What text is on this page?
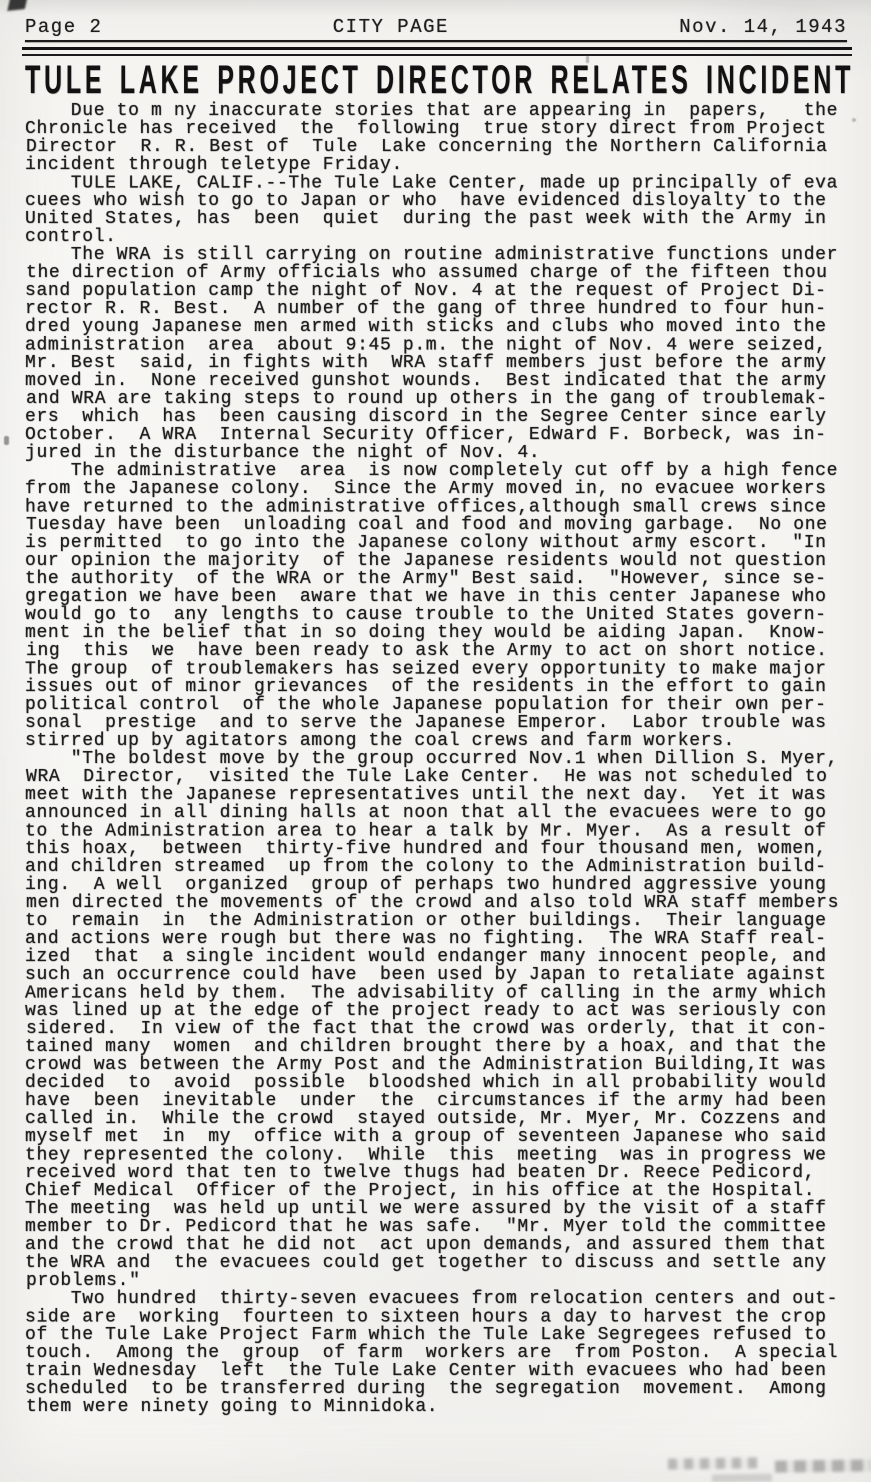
Page 2	CITY PAGE	Nov. 14, 1943
TULE LAKE PROJECT DIRECTOR RELATES INCIDENT
Due to m ny inaccurate stories that are appearing in  papers,   the
Chronicle has received  the  following  true story direct from Project
Director  R. R. Best of  Tule  Lake concerning the Northern California
incident through teletype Friday.
TULE LAKE, CALIF.--The Tule Lake Center, made up principally of eva
cuees who wish to go to Japan or who  have evidenced disloyalty to the
United States, has  been  quiet  during the past week with the Army in
control.
The WRA is still carrying on routine administrative functions under
the direction of Army officials who assumed charge of the fifteen thou
sand population camp the night of Nov. 4 at the request of Project Di-
rector R. R. Best.  A number of the gang of three hundred to four hun-
dred young Japanese men armed with sticks and clubs who moved into the
administration  area  about 9:45 p.m. the night of Nov. 4 were seized,
Mr. Best  said, in fights with  WRA staff members just before the army
moved in.  None received gunshot wounds.  Best indicated that the army
and WRA are taking steps to round up others in the gang of troublemak-
ers  which  has  been causing discord in the Segree Center since early
October.  A WRA  Internal Security Officer, Edward F. Borbeck, was in-
jured in the disturbance the night of Nov. 4.
The administrative  area  is now completely cut off by a high fence
from the Japanese colony.  Since the Army moved in, no evacuee workers
have returned to the administrative offices,although small crews since
Tuesday have been  unloading coal and food and moving garbage.  No one
is permitted  to go into the Japanese colony without army escort.  "In
our opinion the majority  of the Japanese residents would not question
the authority  of the WRA or the Army" Best said.  "However, since se-
gregation we have been  aware that we have in this center Japanese who
would go to  any lengths to cause trouble to the United States govern-
ment in the belief that in so doing they would be aiding Japan.  Know-
ing  this  we  have been ready to ask the Army to act on short notice.
The group  of troublemakers has seized every opportunity to make major
issues out of minor grievances  of the residents in the effort to gain
political control  of the whole Japanese population for their own per-
sonal  prestige  and to serve the Japanese Emperor.  Labor trouble was
stirred up by agitators among the coal crews and farm workers.
"The boldest move by the group occurred Nov.1 when Dillion S. Myer,
WRA  Director,  visited the Tule Lake Center.  He was not scheduled to
meet with the Japanese representatives until the next day.  Yet it was
announced in all dining halls at noon that all the evacuees were to go
to the Administration area to hear a talk by Mr. Myer.  As a result of
this hoax,  between  thirty-five hundred and four thousand men, women,
and children streamed  up from the colony to the Administration build-
ing.  A well  organized  group of perhaps two hundred aggressive young
men directed the movements of the crowd and also told WRA staff members
to  remain  in  the Administration or other buildings.  Their language
and actions were rough but there was no fighting.  The WRA Staff real-
ized  that  a single incident would endanger many innocent people, and
such an occurrence could have  been used by Japan to retaliate against
Americans held by them.  The advisability of calling in the army which
was lined up at the edge of the project ready to act was seriously con
sidered.  In view of the fact that the crowd was orderly, that it con-
tained many  women  and children brought there by a hoax, and that the
crowd was between the Army Post and the Administration Building,It was
decided  to  avoid  possible  bloodshed which in all probability would
have  been  inevitable  under  the  circumstances if the army had been
called in.  While the crowd  stayed outside, Mr. Myer, Mr. Cozzens and
myself met  in  my  office with a group of seventeen Japanese who said
they represented the colony.  While  this  meeting  was in progress we
received word that ten to twelve thugs had beaten Dr. Reece Pedicord,
Chief Medical  Officer of the Project, in his office at the Hospital.
The meeting  was held up until we were assured by the visit of a staff
member to Dr. Pedicord that he was safe.  "Mr. Myer told the committee
and the crowd that he did not  act upon demands, and assured them that
the WRA and  the evacuees could get together to discuss and settle any
problems."
Two hundred  thirty-seven evacuees from relocation centers and out-
side are  working  fourteen to sixteen hours a day to harvest the crop
of the Tule Lake Project Farm which the Tule Lake Segregees refused to
touch.  Among the  group  of farm  workers are  from Poston.  A special
train Wednesday  left  the Tule Lake Center with evacuees who had been
scheduled  to be transferred during  the segregation  movement.  Among
them were ninety going to Minnidoka.
